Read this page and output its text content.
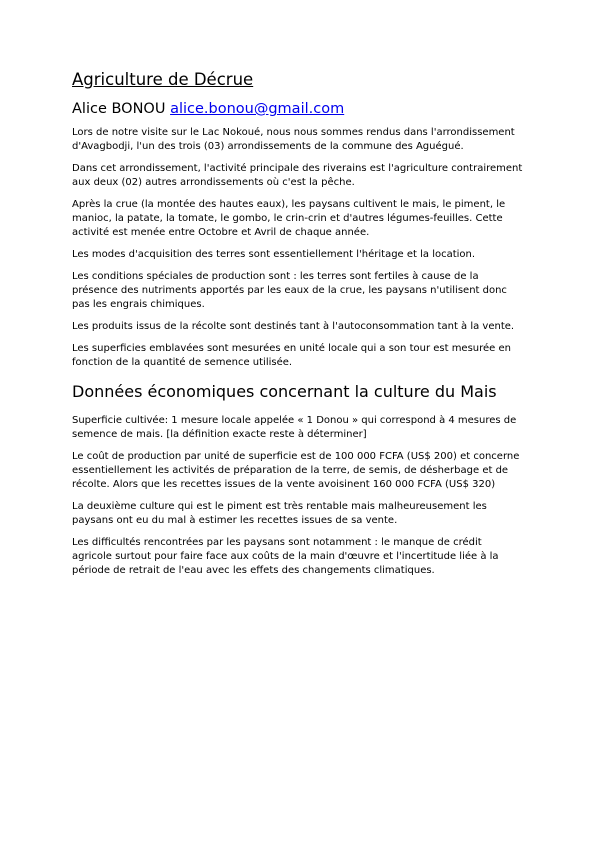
Agriculture de Décrue
Alice BONOU alice.bonou@gmail.com

Lors de notre visite sur le Lac Nokoué, nous nous sommes rendus dans l'arrondissement d'Avagbodji, l'un des trois (03) arrondissements de la commune des Aguégué.

Dans cet arrondissement, l'activité principale des riverains est l'agriculture contrairement aux deux (02) autres arrondissements où c'est la pêche.

Après la crue (la montée des hautes eaux), les paysans cultivent le mais, le piment, le manioc, la patate, la tomate, le gombo, le crin-crin et d'autres légumes-feuilles. Cette activité est menée entre Octobre et Avril de chaque année.

Les modes d'acquisition des terres sont essentiellement l'héritage et la location.

Les conditions spéciales de production sont : les terres sont fertiles à cause de la présence des nutriments apportés par les eaux de la crue, les paysans n'utilisent donc pas les engrais chimiques.

Les produits issus de la récolte sont destinés tant à l'autoconsommation tant à la vente.

Les superficies emblavées sont mesurées en unité locale qui a son tour est mesurée en fonction de la quantité de semence utilisée.

Données économiques concernant la culture du Mais

Superficie cultivée: 1 mesure locale appelée « 1 Donou » qui correspond à 4 mesures de semence de mais. [la définition exacte reste à déterminer]

Le coût de production par unité de superficie est de 100 000 FCFA (US$ 200) et concerne essentiellement les activités de préparation de la terre, de semis, de désherbage et de récolte. Alors que les recettes issues de la vente avoisinent 160 000 FCFA (US$ 320)

La deuxième culture qui est le piment est très rentable mais malheureusement les paysans ont eu du mal à estimer les recettes issues de sa vente.

Les difficultés rencontrées par les paysans sont notamment : le manque de crédit agricole surtout pour faire face aux coûts de la main d'œuvre et l'incertitude liée à la période de retrait de l'eau avec les effets des changements climatiques.
